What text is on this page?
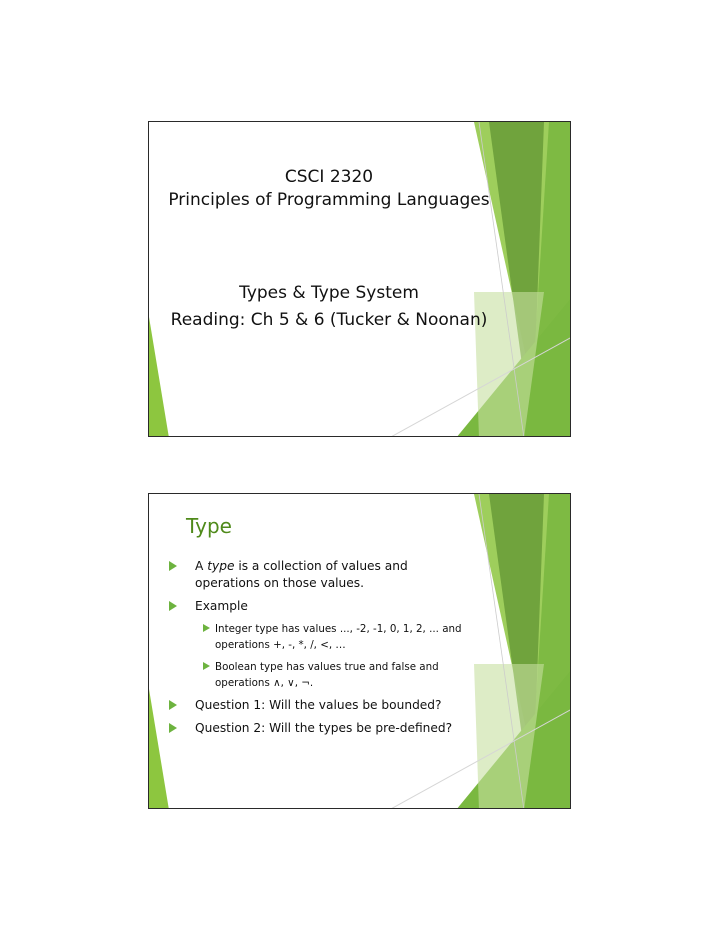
CSCI 2320
Principles of Programming Languages
Types & Type System
Reading: Ch 5 & 6 (Tucker & Noonan)
Type
A type is a collection of values and
operations on those values.
Example
Integer type has values ..., -2, -1, 0, 1, 2, ... and
operations +, -, *, /, <, …
Boolean type has values true and false and
operations ∧, ∨, ¬.
Question 1: Will the values be bounded?
Question 2: Will the types be pre-defined?
